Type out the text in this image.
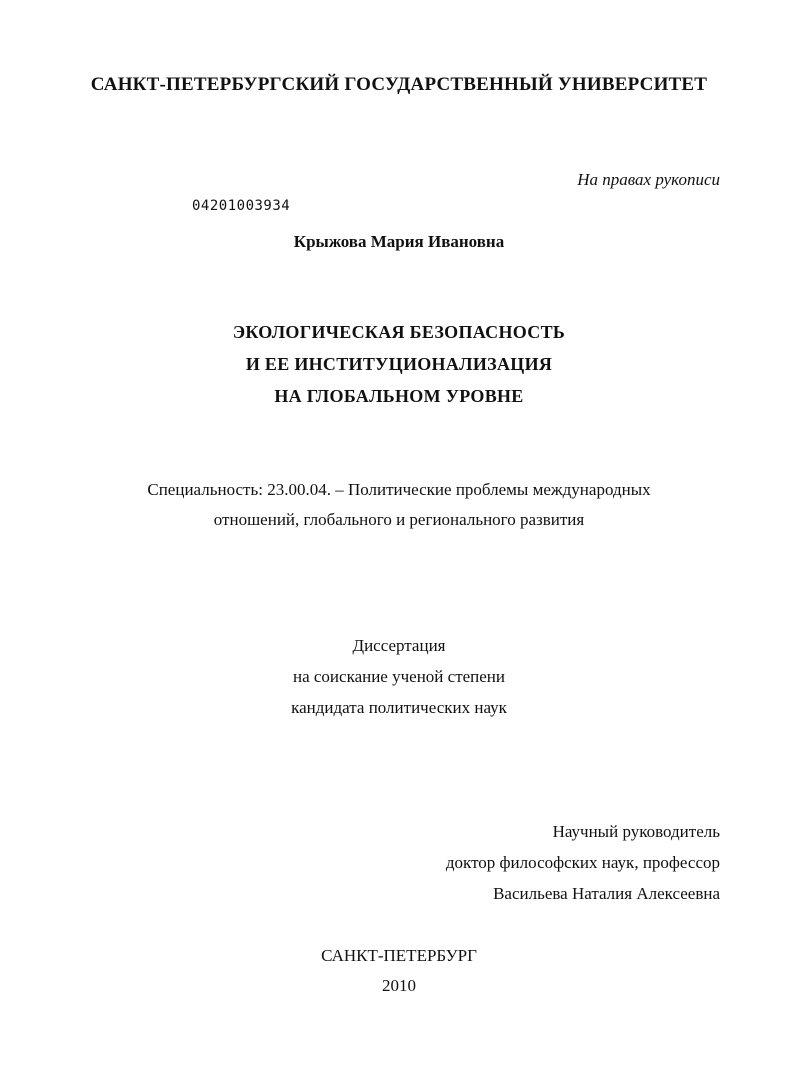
САНКТ-ПЕТЕРБУРГСКИЙ ГОСУДАРСТВЕННЫЙ УНИВЕРСИТЕТ

На правах рукописи

04201003934

Крыжова Мария Ивановна

ЭКОЛОГИЧЕСКАЯ БЕЗОПАСНОСТЬ

И ЕЕ ИНСТИТУЦИОНАЛИЗАЦИЯ

НА ГЛОБАЛЬНОМ УРОВНЕ

Специальность: 23.00.04. – Политические проблемы международных

отношений, глобального и регионального развития

Диссертация

на соискание ученой степени

кандидата политических наук

Научный руководитель

доктор философских наук, профессор

Васильева Наталия Алексеевна

САНКТ-ПЕТЕРБУРГ

2010
